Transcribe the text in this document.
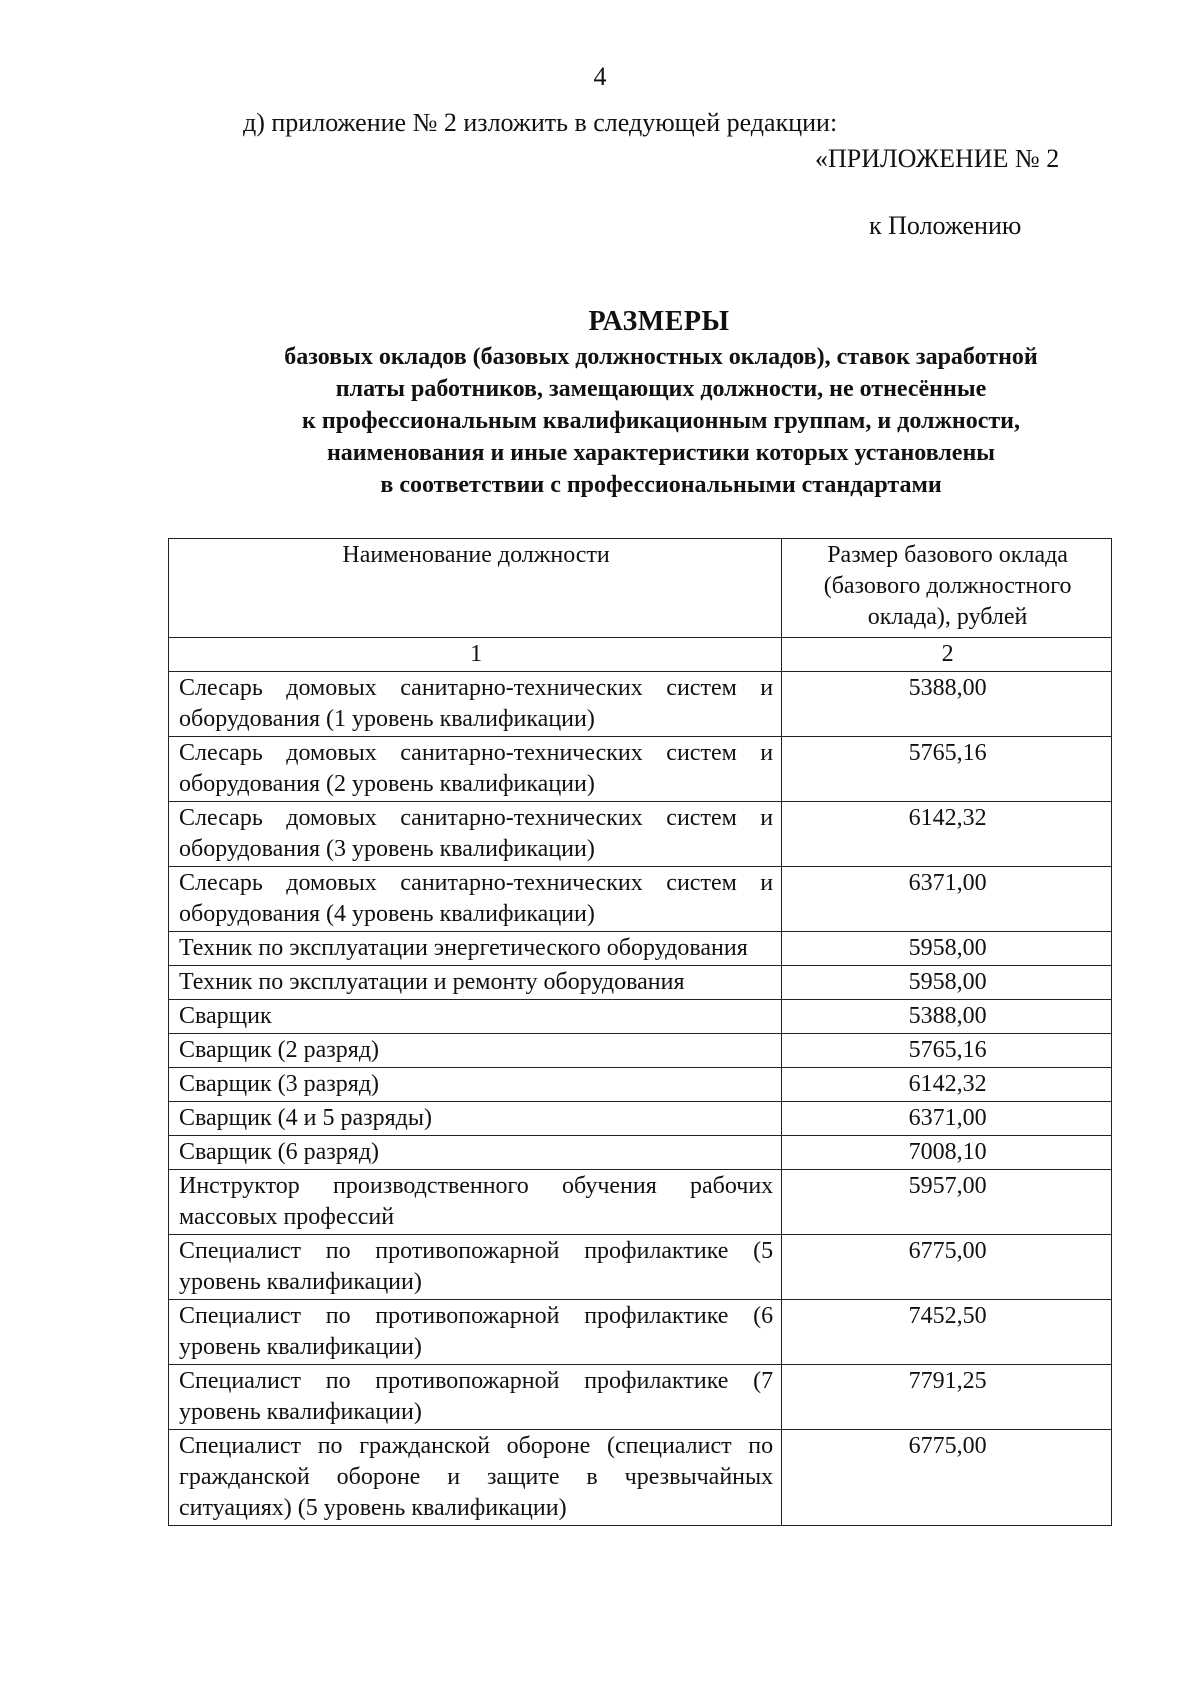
4
д) приложение № 2 изложить в следующей редакции:
«ПРИЛОЖЕНИЕ № 2
к Положению
РАЗМЕРЫ
базовых окладов (базовых должностных окладов), ставок заработной
платы работников, замещающих должности, не отнесённые
к профессиональным квалификационным группам, и должности,
наименования и иные характеристики которых установлены
в соответствии с профессиональными стандартами
Наименование должности	Размер базового оклада
(базового должностного
оклада), рублей

1	2
Слесарь домовых санитарно-технических систем и оборудования (1 уровень квалификации)	5388,00
Слесарь домовых санитарно-технических систем и оборудования (2 уровень квалификации)	5765,16
Слесарь домовых санитарно-технических систем и оборудования (3 уровень квалификации)	6142,32
Слесарь домовых санитарно-технических систем и оборудования (4 уровень квалификации)	6371,00
Техник по эксплуатации энергетического оборудования	5958,00
Техник по эксплуатации и ремонту оборудования	5958,00
Сварщик	5388,00
Сварщик (2 разряд)	5765,16
Сварщик (3 разряд)	6142,32
Сварщик (4 и 5 разряды)	6371,00
Сварщик (6 разряд)	7008,10
Инструктор производственного обучения рабочих массовых профессий	5957,00
Специалист по противопожарной профилактике (5 уровень квалификации)	6775,00
Специалист по противопожарной профилактике (6 уровень квалификации)	7452,50
Специалист по противопожарной профилактике (7 уровень квалификации)	7791,25
Специалист по гражданской обороне (специалист по гражданской обороне и защите в чрезвычайных ситуациях) (5 уровень квалификации)	6775,00
